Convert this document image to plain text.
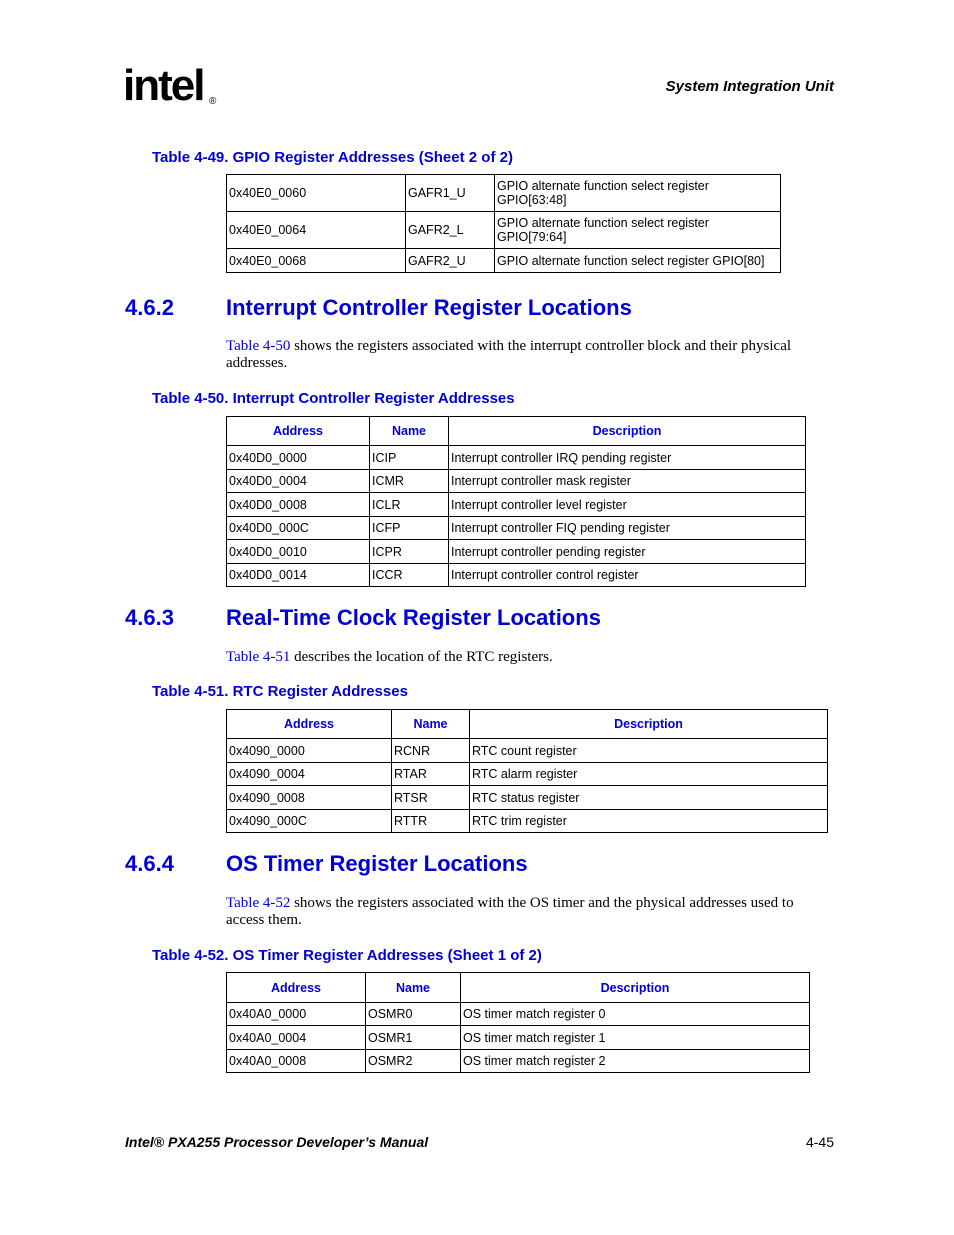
intel ®
System Integration Unit
Table 4-49. GPIO Register Addresses (Sheet 2 of 2)
0x40E0_0060	GAFR1_U	GPIO alternate function select register
GPIO[63:48]
0x40E0_0064	GAFR2_L	GPIO alternate function select register
GPIO[79:64]
0x40E0_0068	GAFR2_U	GPIO alternate function select register GPIO[80]
4.6.2 Interrupt Controller Register Locations
Table 4-50 shows the registers associated with the interrupt controller block and their physical addresses.
Table 4-50. Interrupt Controller Register Addresses
Address	Name	Description
0x40D0_0000	ICIP	Interrupt controller IRQ pending register
0x40D0_0004	ICMR	Interrupt controller mask register
0x40D0_0008	ICLR	Interrupt controller level register
0x40D0_000C	ICFP	Interrupt controller FIQ pending register
0x40D0_0010	ICPR	Interrupt controller pending register
0x40D0_0014	ICCR	Interrupt controller control register
4.6.3 Real-Time Clock Register Locations
Table 4-51 describes the location of the RTC registers.
Table 4-51. RTC Register Addresses
Address	Name	Description
0x4090_0000	RCNR	RTC count register
0x4090_0004	RTAR	RTC alarm register
0x4090_0008	RTSR	RTC status register
0x4090_000C	RTTR	RTC trim register
4.6.4 OS Timer Register Locations
Table 4-52 shows the registers associated with the OS timer and the physical addresses used to access them.
Table 4-52. OS Timer Register Addresses (Sheet 1 of 2)
Address	Name	Description
0x40A0_0000	OSMR0	OS timer match register 0
0x40A0_0004	OSMR1	OS timer match register 1
0x40A0_0008	OSMR2	OS timer match register 2
Intel® PXA255 Processor Developer’s Manual	4-45
